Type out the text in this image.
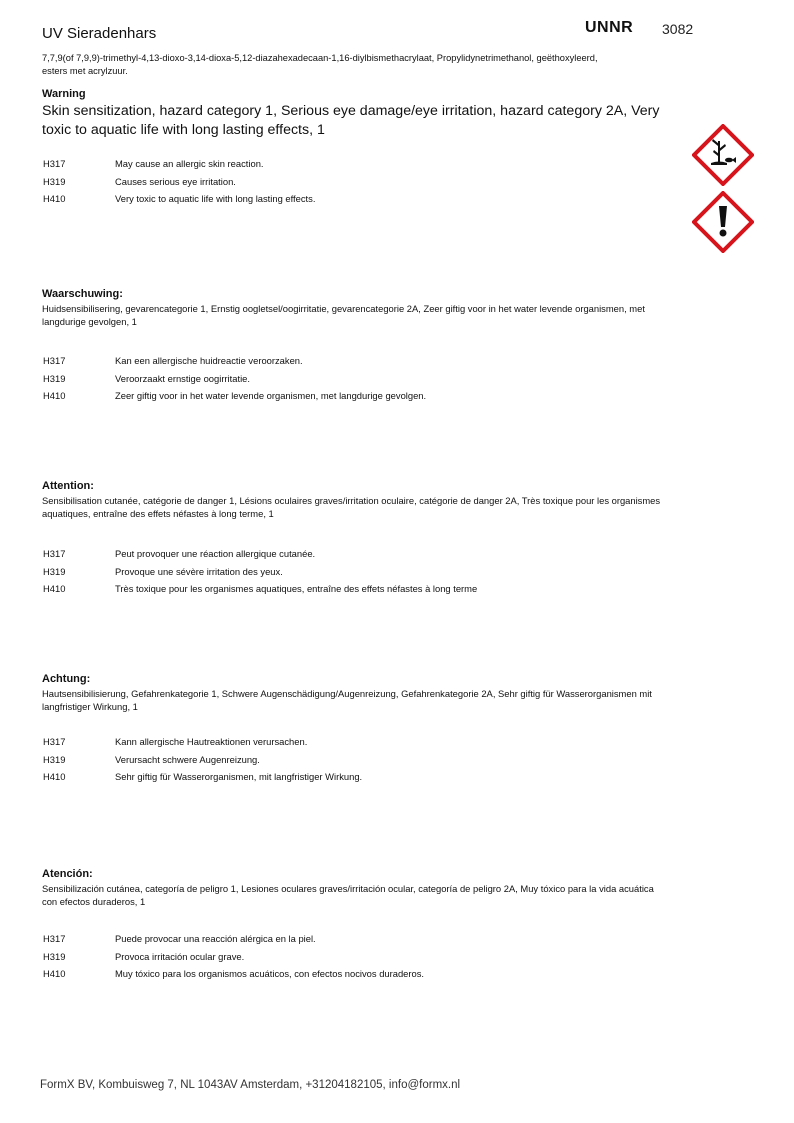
UV Sieradenhars	UNNR 3082
7,7,9(of 7,9,9)-trimethyl-4,13-dioxo-3,14-dioxa-5,12-diazahexadecaan-1,16-diylbismethacrylaat, Propylidynetrimethanol, geëthoxyleerd, esters met acrylzuur.
Warning
Skin sensitization, hazard category 1, Serious eye damage/eye irritation, hazard category 2A, Very toxic to aquatic life with long lasting effects, 1
H317	May cause an allergic skin reaction.
H319	Causes serious eye irritation.
H410	Very toxic to aquatic life with long lasting effects.
Waarschuwing:
Huidsensibilisering, gevarencategorie 1, Ernstig oogletsel/oogirritatie, gevarencategorie 2A, Zeer giftig voor in het water levende organismen, met langdurige gevolgen, 1
H317	Kan een allergische huidreactie veroorzaken.
H319	Veroorzaakt ernstige oogirritatie.
H410	Zeer giftig voor in het water levende organismen, met langdurige gevolgen.
Attention:
Sensibilisation cutanée, catégorie de danger 1, Lésions oculaires graves/irritation oculaire, catégorie de danger 2A, Très toxique pour les organismes aquatiques, entraîne des effets néfastes à long terme, 1
H317	Peut provoquer une réaction allergique cutanée.
H319	Provoque une sévère irritation des yeux.
H410	Très toxique pour les organismes aquatiques, entraîne des effets néfastes à long terme
Achtung:
Hautsensibilisierung, Gefahrenkategorie 1, Schwere Augenschädigung/Augenreizung, Gefahrenkategorie 2A, Sehr giftig für Wasserorganismen mit langfristiger Wirkung, 1
H317	Kann allergische Hautreaktionen verursachen.
H319	Verursacht schwere Augenreizung.
H410	Sehr giftig für Wasserorganismen, mit langfristiger Wirkung.
Atención:
Sensibilización cutánea, categoría de peligro 1, Lesiones oculares graves/irritación ocular, categoría de peligro 2A, Muy tóxico para la vida acuática con efectos duraderos, 1
H317	Puede provocar una reacción alérgica en la piel.
H319	Provoca irritación ocular grave.
H410	Muy tóxico para los organismos acuáticos, con efectos nocivos duraderos.
FormX BV, Kombuisweg 7, NL 1043AV Amsterdam, +31204182105, info@formx.nl
